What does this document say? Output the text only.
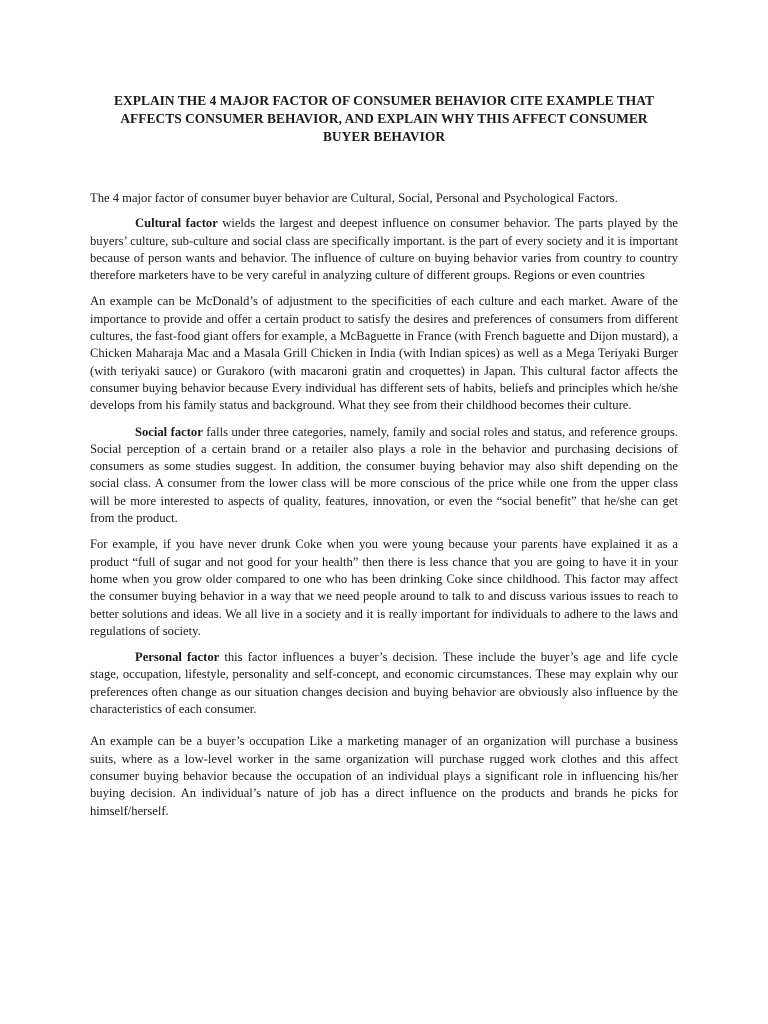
EXPLAIN THE 4 MAJOR FACTOR OF CONSUMER BEHAVIOR CITE EXAMPLE THAT
AFFECTS CONSUMER BEHAVIOR, AND EXPLAIN WHY THIS AFFECT CONSUMER
BUYER BEHAVIOR

The 4 major factor of consumer buyer behavior are Cultural, Social, Personal and Psychological Factors.

Cultural factor wields the largest and deepest influence on consumer behavior. The parts played by the buyers’ culture, sub-culture and social class are specifically important. is the part of every society and it is important because of person wants and behavior. The influence of culture on buying behavior varies from country to country therefore marketers have to be very careful in analyzing culture of different groups. Regions or even countries

An example can be McDonald’s of adjustment to the specificities of each culture and each market. Aware of the importance to provide and offer a certain product to satisfy the desires and preferences of consumers from different cultures, the fast-food giant offers for example, a McBaguette in France (with French baguette and Dijon mustard), a Chicken Maharaja Mac and a Masala Grill Chicken in India (with Indian spices) as well as a Mega Teriyaki Burger (with teriyaki sauce) or Gurakoro (with macaroni gratin and croquettes) in Japan. This cultural factor affects the consumer buying behavior because Every individual has different sets of habits, beliefs and principles which he/she develops from his family status and background. What they see from their childhood becomes their culture.

Social factor falls under three categories, namely, family and social roles and status, and reference groups. Social perception of a certain brand or a retailer also plays a role in the behavior and purchasing decisions of consumers as some studies suggest. In addition, the consumer buying behavior may also shift depending on the social class. A consumer from the lower class will be more conscious of the price while one from the upper class will be more interested to aspects of quality, features, innovation, or even the “social benefit” that he/she can get from the product.

For example, if you have never drunk Coke when you were young because your parents have explained it as a product “full of sugar and not good for your health” then there is less chance that you are going to have it in your home when you grow older compared to one who has been drinking Coke since childhood. This factor may affect the consumer buying behavior in a way that we need people around to talk to and discuss various issues to reach to better solutions and ideas. We all live in a society and it is really important for individuals to adhere to the laws and regulations of society.

Personal factor this factor influences a buyer’s decision. These include the buyer’s age and life cycle stage, occupation, lifestyle, personality and self-concept, and economic circumstances. These may explain why our preferences often change as our situation changes decision and buying behavior are obviously also influence by the characteristics of each consumer.

An example can be a buyer’s occupation Like a marketing manager of an organization will purchase a business suits, where as a low-level worker in the same organization will purchase rugged work clothes and this affect consumer buying behavior because the occupation of an individual plays a significant role in influencing his/her buying decision. An individual’s nature of job has a direct influence on the products and brands he picks for himself/herself.
